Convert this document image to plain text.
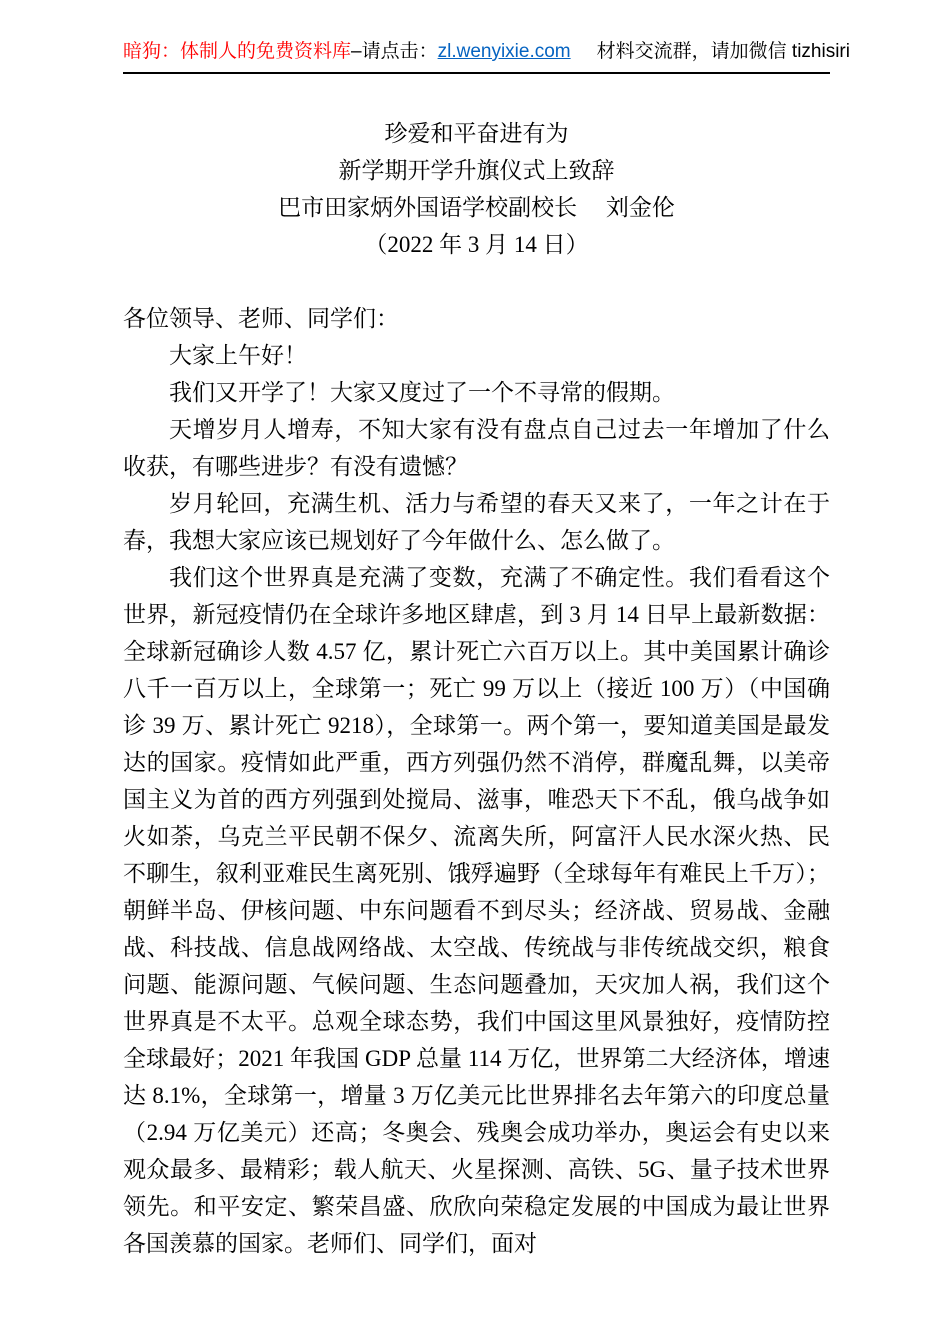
暗狗：体制人的免费资料库–请点击：zl.wenyixie.com 材料交流群，请加微信 tizhisiri
珍爱和平奋进有为
新学期开学升旗仪式上致辞
巴市田家炳外国语学校副校长　 刘金伦
（2022 年 3 月 14 日）

各位领导、老师、同学们：

大家上午好！

我们又开学了！大家又度过了一个不寻常的假期。

天增岁月人增寿，不知大家有没有盘点自己过去一年增加了什么收获，有哪些进步？有没有遗憾？

岁月轮回，充满生机、活力与希望的春天又来了，一年之计在于春，我想大家应该已规划好了今年做什么、怎么做了。

我们这个世界真是充满了变数，充满了不确定性。我们看看这个世界，新冠疫情仍在全球许多地区肆虐，到 3 月 14 日早上最新数据：全球新冠确诊人数 4.57 亿，累计死亡六百万以上。其中美国累计确诊八千一百万以上，全球第一；死亡 99 万以上（接近 100 万）（中国确诊 39 万、累计死亡 9218），全球第一。两个第一，要知道美国是最发达的国家。疫情如此严重，西方列强仍然不消停，群魔乱舞，以美帝国主义为首的西方列强到处搅局、滋事，唯恐天下不乱，俄乌战争如火如荼，乌克兰平民朝不保夕、流离失所，阿富汗人民水深火热、民不聊生，叙利亚难民生离死别、饿殍遍野（全球每年有难民上千万）；朝鲜半岛、伊核问题、中东问题看不到尽头；经济战、贸易战、金融战、科技战、信息战网络战、太空战、传统战与非传统战交织，粮食问题、能源问题、气候问题、生态问题叠加，天灾加人祸，我们这个世界真是不太平。总观全球态势，我们中国这里风景独好，疫情防控全球最好；2021 年我国 GDP 总量 114 万亿，世界第二大经济体，增速达 8.1%，全球第一，增量 3 万亿美元比世界排名去年第六的印度总量（2.94 万亿美元）还高；冬奥会、残奥会成功举办，奥运会有史以来观众最多、最精彩；载人航天、火星探测、高铁、5G、量子技术世界领先。和平安定、繁荣昌盛、欣欣向荣稳定发展的中国成为最让世界各国羡慕的国家。老师们、同学们，面对
